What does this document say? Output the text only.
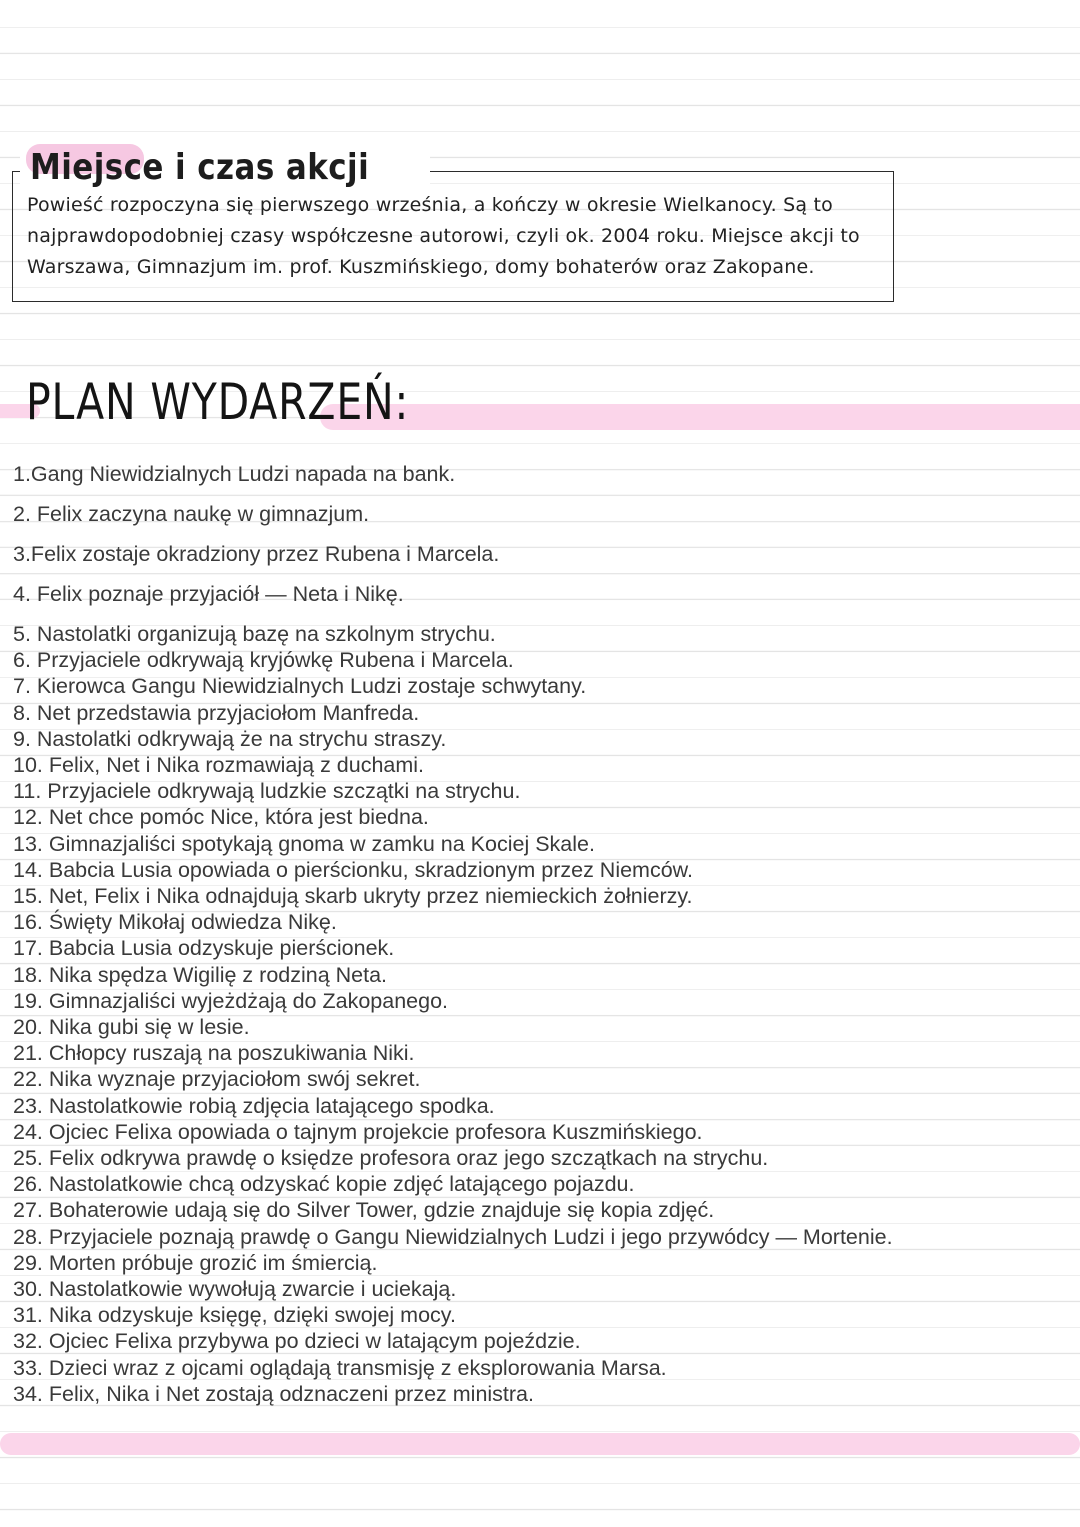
Miejsce i czas akcji
Powieść rozpoczyna się pierwszego września, a kończy w okresie Wielkanocy. Są to
najprawdopodobniej czasy współczesne autorowi, czyli ok. 2004 roku. Miejsce akcji to
Warszawa, Gimnazjum im. prof. Kuszmińskiego, domy bohaterów oraz Zakopane.
PLAN WYDARZEŃ:
1.Gang Niewidzialnych Ludzi napada na bank.
2. Felix zaczyna naukę w gimnazjum.
3.Felix zostaje okradziony przez Rubena i Marcela.
4. Felix poznaje przyjaciół — Neta i Nikę.
5. Nastolatki organizują bazę na szkolnym strychu.
6. Przyjaciele odkrywają kryjówkę Rubena i Marcela.
7. Kierowca Gangu Niewidzialnych Ludzi zostaje schwytany.
8. Net przedstawia przyjaciołom Manfreda.
9. Nastolatki odkrywają że na strychu straszy.
10. Felix, Net i Nika rozmawiają z duchami.
11. Przyjaciele odkrywają ludzkie szczątki na strychu.
12. Net chce pomóc Nice, która jest biedna.
13. Gimnazjaliści spotykają gnoma w zamku na Kociej Skale.
14. Babcia Lusia opowiada o pierścionku, skradzionym przez Niemców.
15. Net, Felix i Nika odnajdują skarb ukryty przez niemieckich żołnierzy.
16. Święty Mikołaj odwiedza Nikę.
17. Babcia Lusia odzyskuje pierścionek.
18. Nika spędza Wigilię z rodziną Neta.
19. Gimnazjaliści wyjeżdżają do Zakopanego.
20. Nika gubi się w lesie.
21. Chłopcy ruszają na poszukiwania Niki.
22. Nika wyznaje przyjaciołom swój sekret.
23. Nastolatkowie robią zdjęcia latającego spodka.
24. Ojciec Felixa opowiada o tajnym projekcie profesora Kuszmińskiego.
25. Felix odkrywa prawdę o księdze profesora oraz jego szczątkach na strychu.
26. Nastolatkowie chcą odzyskać kopie zdjęć latającego pojazdu.
27. Bohaterowie udają się do Silver Tower, gdzie znajduje się kopia zdjęć.
28. Przyjaciele poznają prawdę o Gangu Niewidzialnych Ludzi i jego przywódcy — Mortenie.
29. Morten próbuje grozić im śmiercią.
30. Nastolatkowie wywołują zwarcie i uciekają.
31. Nika odzyskuje księgę, dzięki swojej mocy.
32. Ojciec Felixa przybywa po dzieci w latającym pojeździe.
33. Dzieci wraz z ojcami oglądają transmisję z eksplorowania Marsa.
34. Felix, Nika i Net zostają odznaczeni przez ministra.
